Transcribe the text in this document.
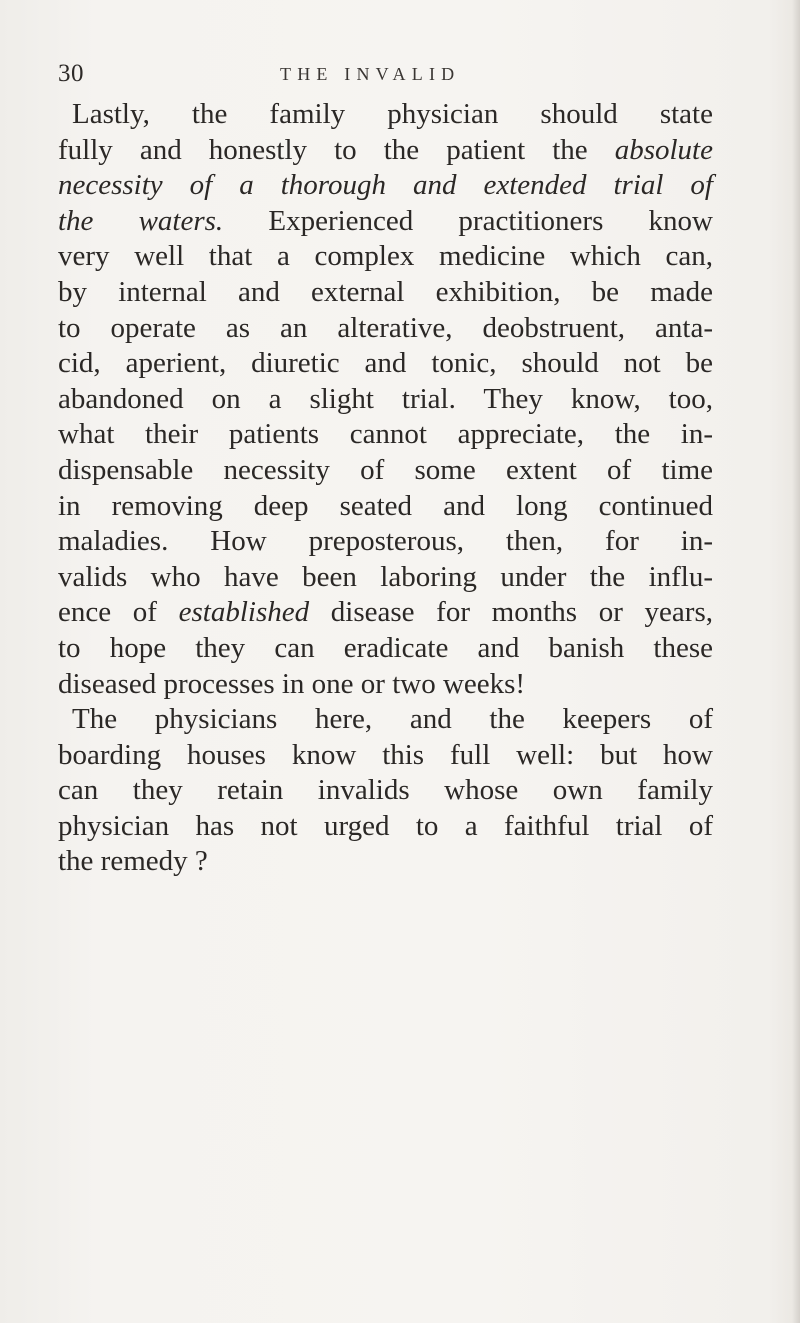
30	THE INVALID
Lastly, the family physician should state
fully and honestly to the patient the absolute
necessity of a thorough and extended trial of
the waters. Experienced practitioners know
very well that a complex medicine which can,
by internal and external exhibition, be made
to operate as an alterative, deobstruent, anta-
cid, aperient, diuretic and tonic, should not be
abandoned on a slight trial. They know, too,
what their patients cannot appreciate, the in-
dispensable necessity of some extent of time
in removing deep seated and long continued
maladies. How preposterous, then, for in-
valids who have been laboring under the influ-
ence of established disease for months or years,
to hope they can eradicate and banish these
diseased processes in one or two weeks!
The physicians here, and the keepers of
boarding houses know this full well: but how
can they retain invalids whose own family
physician has not urged to a faithful trial of
the remedy ?
